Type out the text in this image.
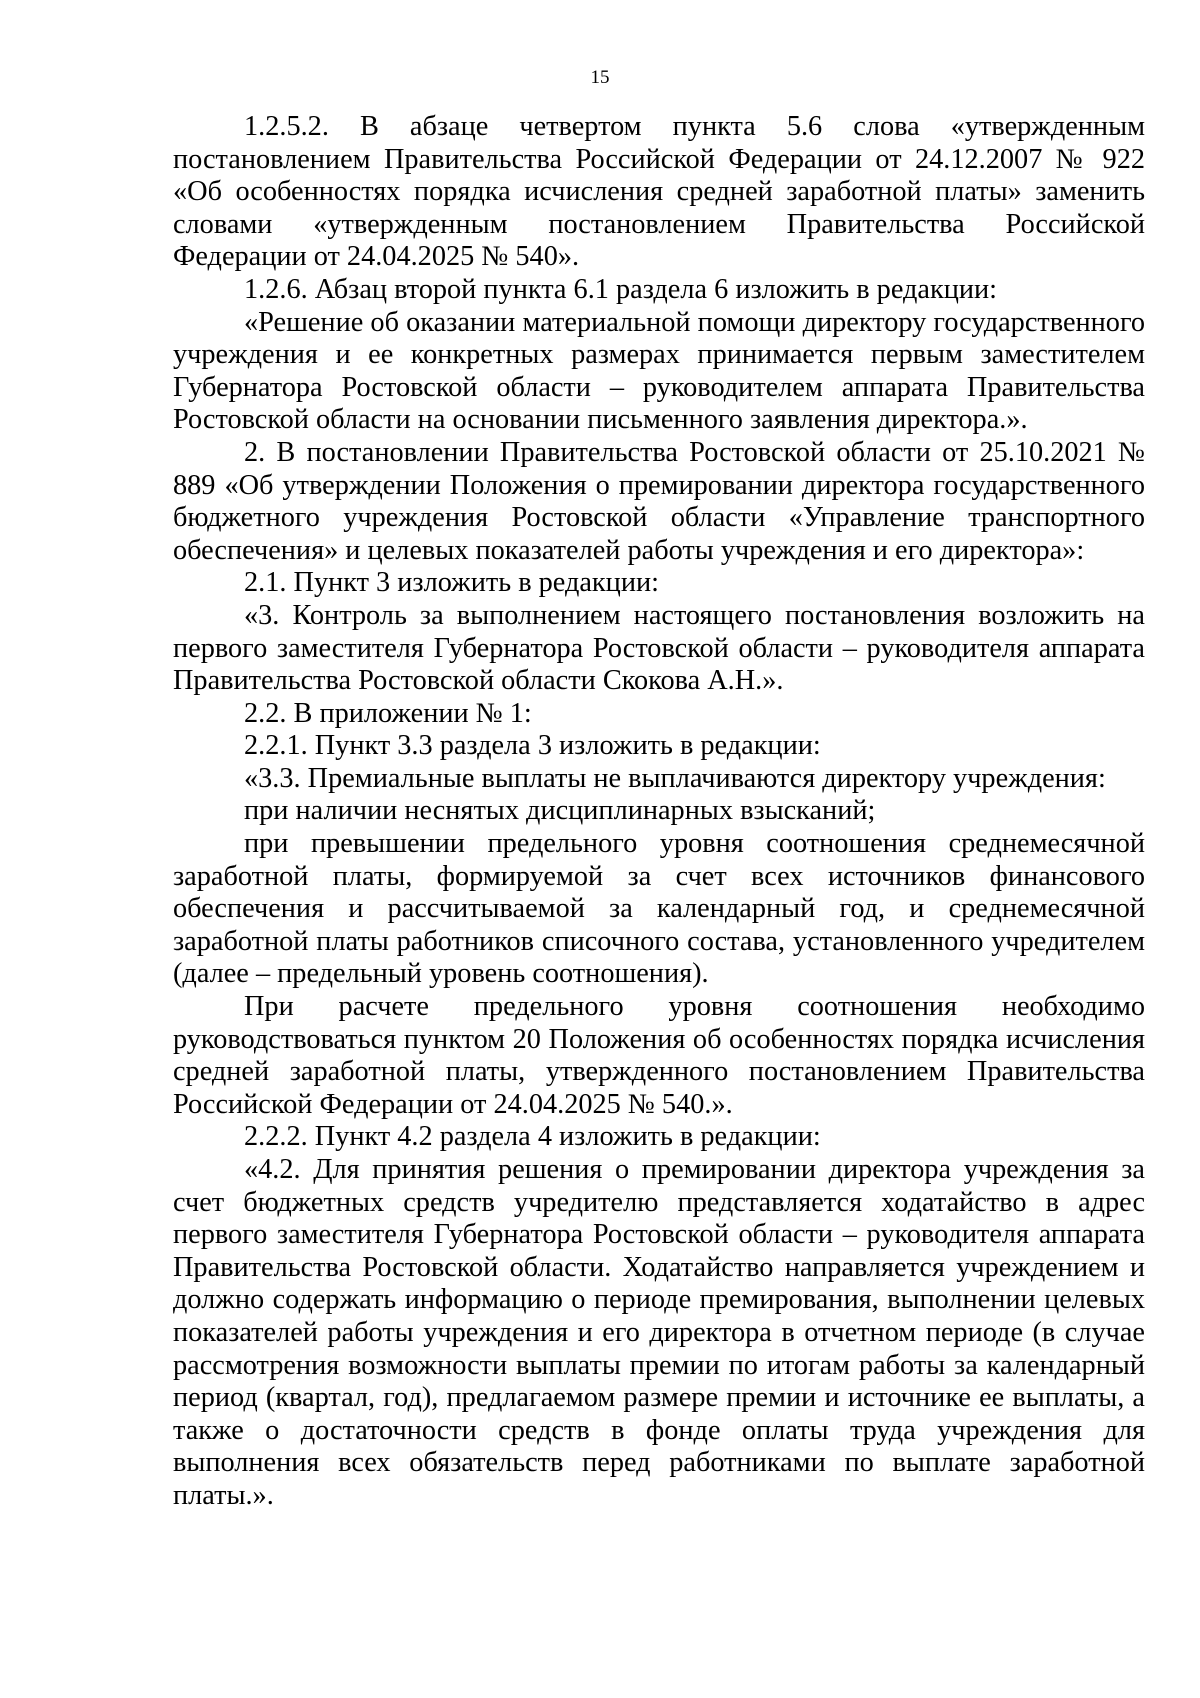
15

1.2.5.2. В абзаце четвертом пункта 5.6 слова «утвержденным постановлением Правительства Российской Федерации от 24.12.2007 № 922 «Об особенностях порядка исчисления средней заработной платы» заменить словами «утвержденным постановлением Правительства Российской Федерации от 24.04.2025 № 540».

1.2.6. Абзац второй пункта 6.1 раздела 6 изложить в редакции:

«Решение об оказании материальной помощи директору государственного учреждения и ее конкретных размерах принимается первым заместителем Губернатора Ростовской области – руководителем аппарата Правительства Ростовской области на основании письменного заявления директора.».

2. В постановлении Правительства Ростовской области от 25.10.2021 № 889 «Об утверждении Положения о премировании директора государственного бюджетного учреждения Ростовской области «Управление транспортного обеспечения» и целевых показателей работы учреждения и его директора»:

2.1. Пункт 3 изложить в редакции:

«3. Контроль за выполнением настоящего постановления возложить на первого заместителя Губернатора Ростовской области – руководителя аппарата Правительства Ростовской области Скокова А.Н.».

2.2. В приложении № 1:

2.2.1. Пункт 3.3 раздела 3 изложить в редакции:

«3.3. Премиальные выплаты не выплачиваются директору учреждения:

при наличии неснятых дисциплинарных взысканий;

при превышении предельного уровня соотношения среднемесячной заработной платы, формируемой за счет всех источников финансового обеспечения и рассчитываемой за календарный год, и среднемесячной заработной платы работников списочного состава, установленного учредителем (далее – предельный уровень соотношения).

При расчете предельного уровня соотношения необходимо руководствоваться пунктом 20 Положения об особенностях порядка исчисления средней заработной платы, утвержденного постановлением Правительства Российской Федерации от 24.04.2025 № 540.».

2.2.2. Пункт 4.2 раздела 4 изложить в редакции:

«4.2. Для принятия решения о премировании директора учреждения за счет бюджетных средств учредителю представляется ходатайство в адрес первого заместителя Губернатора Ростовской области – руководителя аппарата Правительства Ростовской области. Ходатайство направляется учреждением и должно содержать информацию о периоде премирования, выполнении целевых показателей работы учреждения и его директора в отчетном периоде (в случае рассмотрения возможности выплаты премии по итогам работы за календарный период (квартал, год), предлагаемом размере премии и источнике ее выплаты, а также о достаточности средств в фонде оплаты труда учреждения для выполнения всех обязательств перед работниками по выплате заработной платы.».
